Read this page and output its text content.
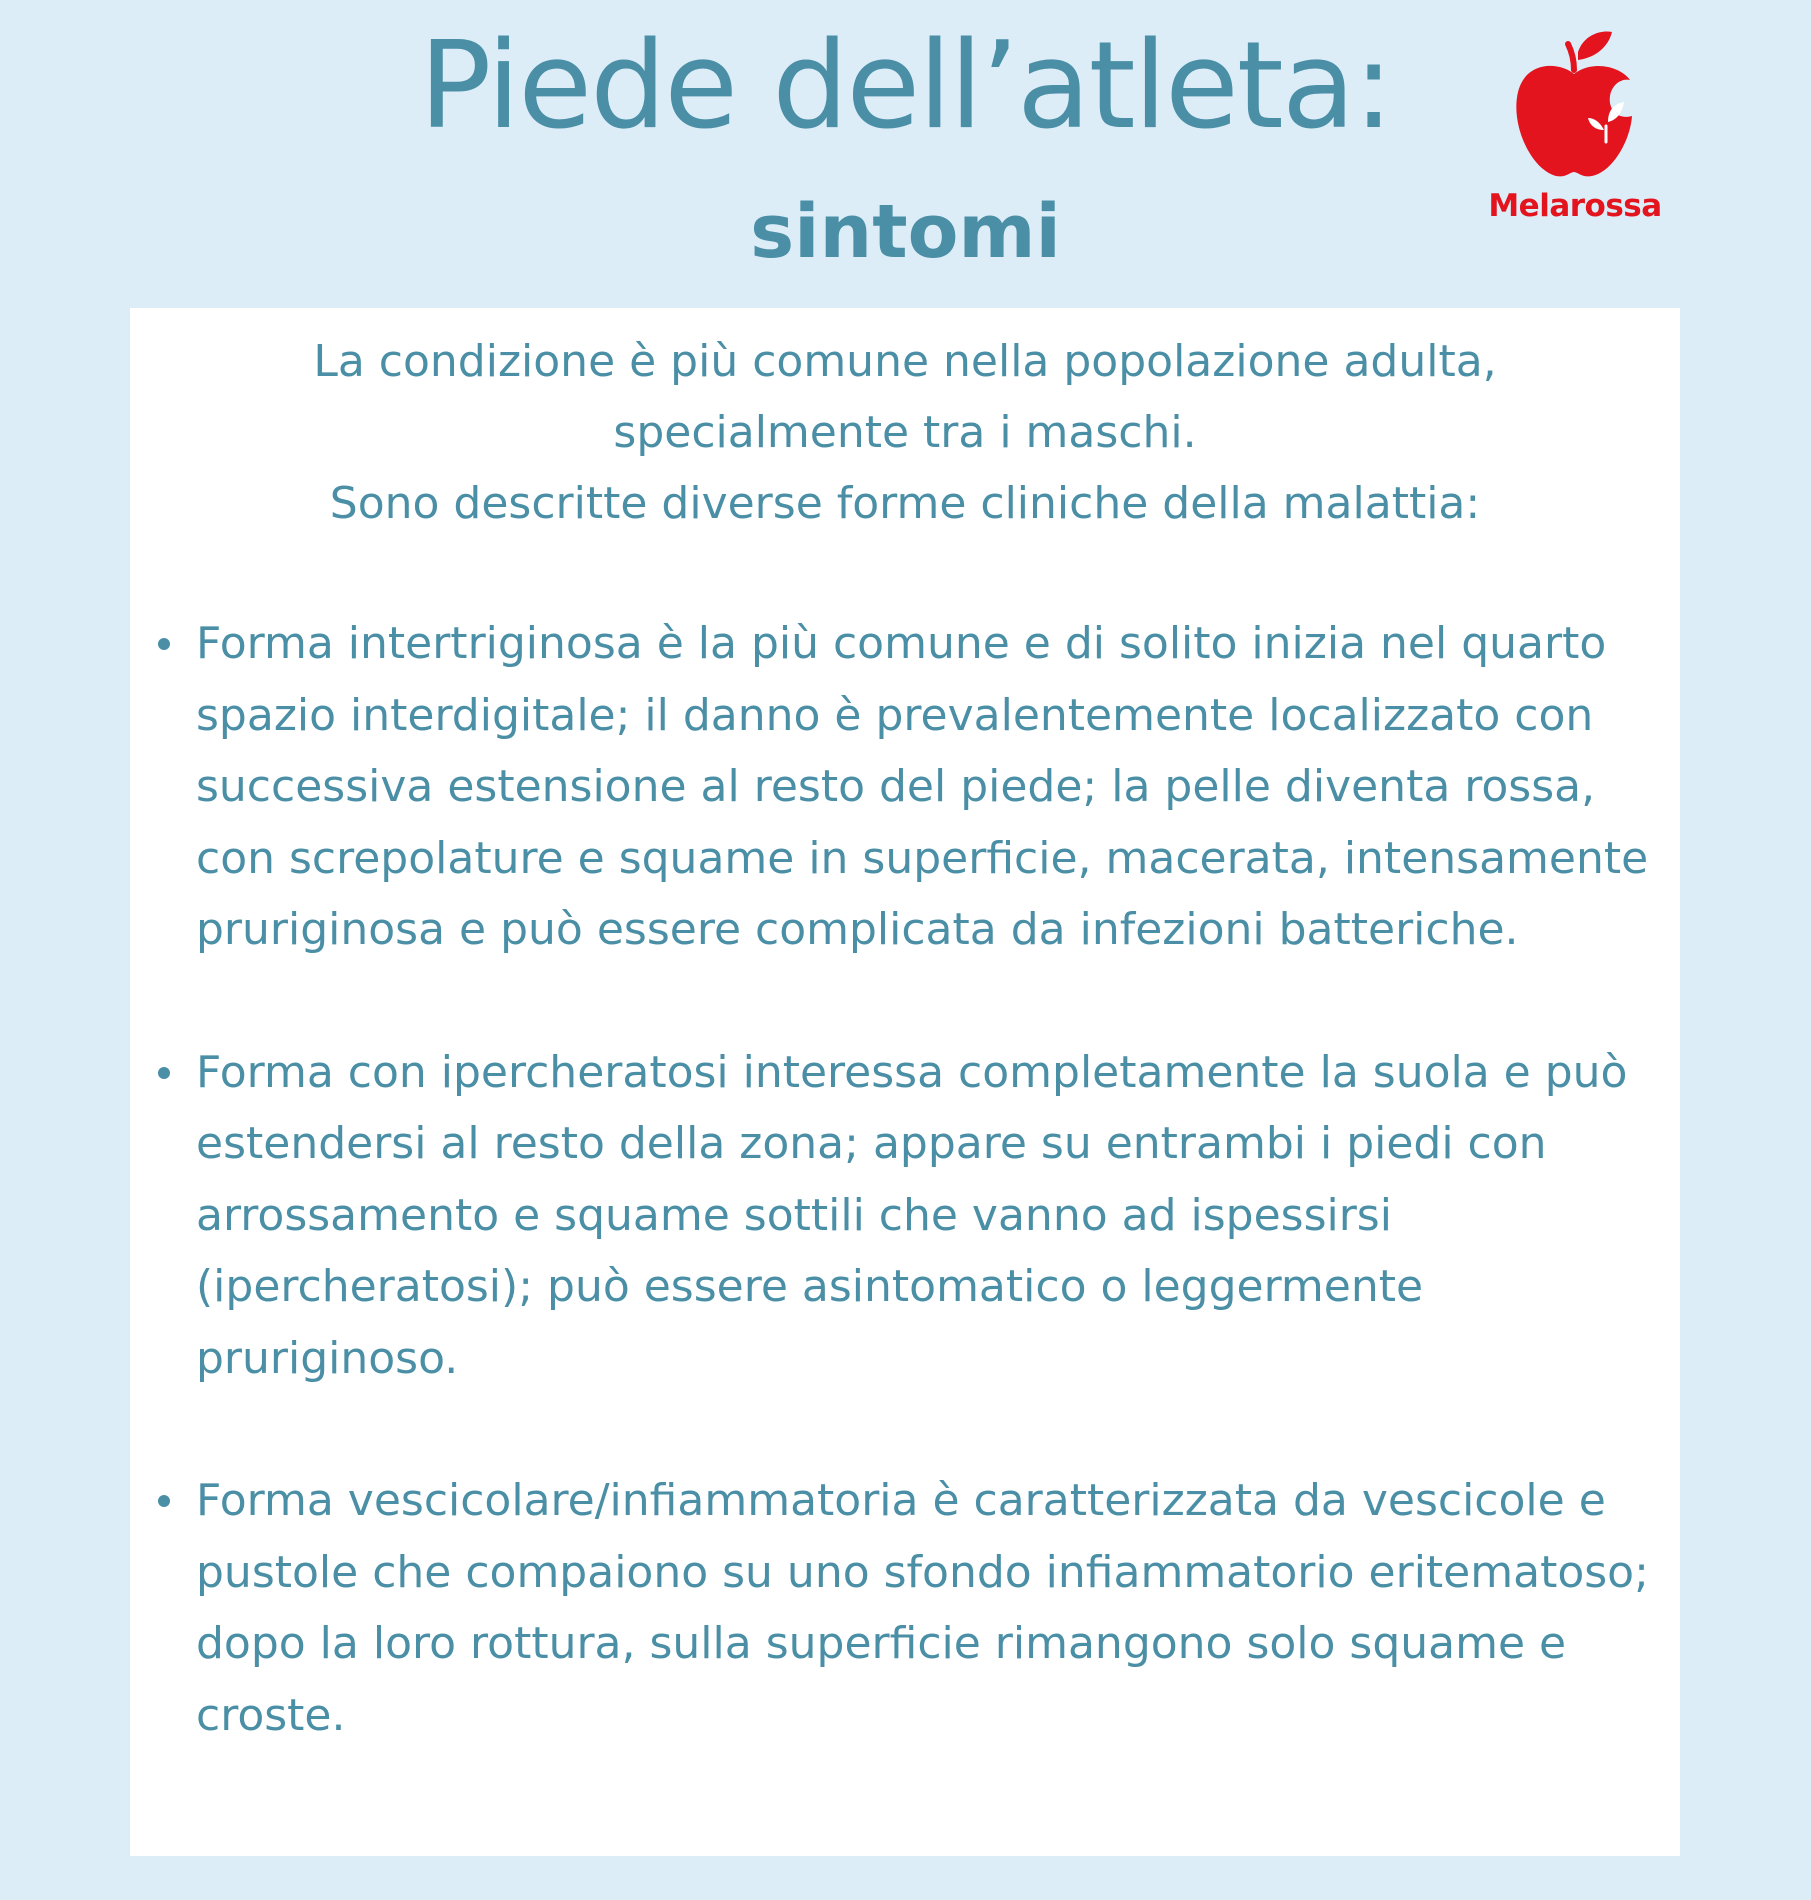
Piede dell’atleta:
sintomi	Melarossa

La condizione è più comune nella popolazione adulta,
specialmente tra i maschi.
Sono descritte diverse forme cliniche della malattia:

Forma intertriginosa è la più comune e di solito inizia nel quarto spazio interdigitale; il danno è prevalentemente localizzato con successiva estensione al resto del piede; la pelle diventa rossa, con screpolature e squame in superficie, macerata, intensamente pruriginosa e può essere complicata da infezioni batteriche.
Forma con ipercheratosi interessa completamente la suola e può estendersi al resto della zona; appare su entrambi i piedi con arrossamento e squame sottili che vanno ad ispessirsi (ipercheratosi); può essere asintomatico o leggermente pruriginoso.
Forma vescicolare/infiammatoria è caratterizzata da vescicole e pustole che compaiono su uno sfondo infiammatorio eritematoso; dopo la loro rottura, sulla superficie rimangono solo squame e croste.
